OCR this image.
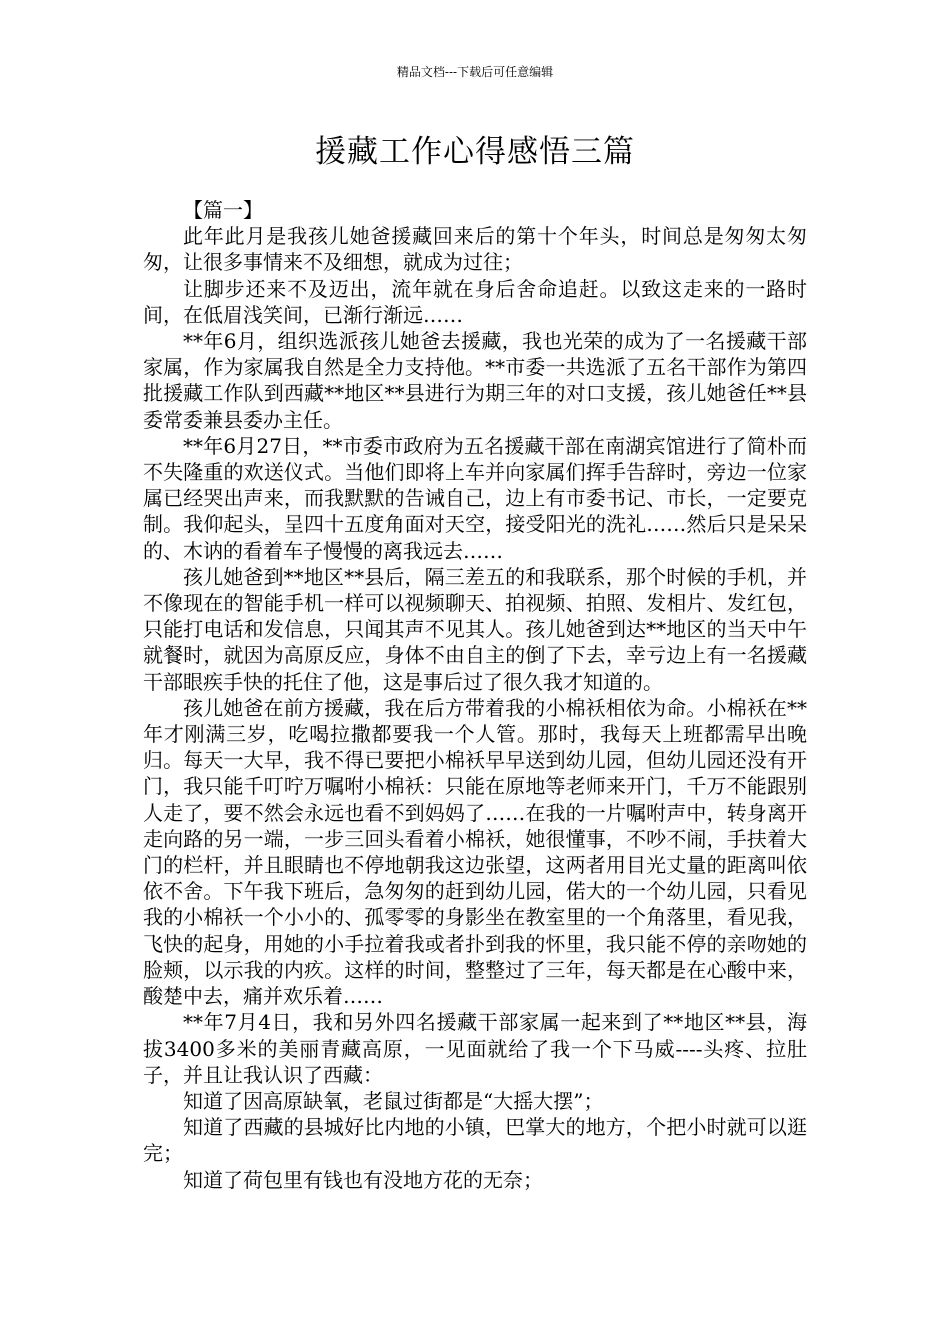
精品文档---下载后可任意编辑
援藏工作心得感悟三篇

【篇一】

此年此月是我孩儿她爸援藏回来后的第十个年头，时间总是匆匆太匆匆，让很多事情来不及细想，就成为过往；

让脚步还来不及迈出，流年就在身后舍命追赶。以致这走来的一路时间，在低眉浅笑间，已渐行渐远……

**年6月，组织选派孩儿她爸去援藏，我也光荣的成为了一名援藏干部家属，作为家属我自然是全力支持他。**市委一共选派了五名干部作为第四批援藏工作队到西藏**地区**县进行为期三年的对口支援，孩儿她爸任**县委常委兼县委办主任。

**年6月27日，**市委市政府为五名援藏干部在南湖宾馆进行了简朴而不失隆重的欢送仪式。当他们即将上车并向家属们挥手告辞时，旁边一位家属已经哭出声来，而我默默的告诫自己，边上有市委书记、市长，一定要克制。我仰起头，呈四十五度角面对天空，接受阳光的洗礼……然后只是呆呆的、木讷的看着车子慢慢的离我远去……

孩儿她爸到**地区**县后，隔三差五的和我联系，那个时候的手机，并不像现在的智能手机一样可以视频聊天、拍视频、拍照、发相片、发红包，只能打电话和发信息，只闻其声不见其人。孩儿她爸到达**地区的当天中午就餐时，就因为高原反应，身体不由自主的倒了下去，幸亏边上有一名援藏干部眼疾手快的托住了他，这是事后过了很久我才知道的。

孩儿她爸在前方援藏，我在后方带着我的小棉袄相依为命。小棉袄在**年才刚满三岁，吃喝拉撒都要我一个人管。那时，我每天上班都需早出晚归。每天一大早，我不得已要把小棉袄早早送到幼儿园，但幼儿园还没有开门，我只能千叮咛万嘱咐小棉袄：只能在原地等老师来开门，千万不能跟别人走了，要不然会永远也看不到妈妈了……在我的一片嘱咐声中，转身离开走向路的另一端，一步三回头看着小棉袄，她很懂事，不吵不闹，手扶着大门的栏杆，并且眼睛也不停地朝我这边张望，这两者用目光丈量的距离叫依依不舍。下午我下班后，急匆匆的赶到幼儿园，偌大的一个幼儿园，只看见我的小棉袄一个小小的、孤零零的身影坐在教室里的一个角落里，看见我，飞快的起身，用她的小手拉着我或者扑到我的怀里，我只能不停的亲吻她的脸颊，以示我的内疚。这样的时间，整整过了三年，每天都是在心酸中来，酸楚中去，痛并欢乐着……

**年7月4日，我和另外四名援藏干部家属一起来到了**地区**县，海拔3400多米的美丽青藏高原，一见面就给了我一个下马威----头疼、拉肚子，并且让我认识了西藏：

知道了因高原缺氧，老鼠过街都是“大摇大摆”；

知道了西藏的县城好比内地的小镇，巴掌大的地方，个把小时就可以逛完；

知道了荷包里有钱也有没地方花的无奈；
